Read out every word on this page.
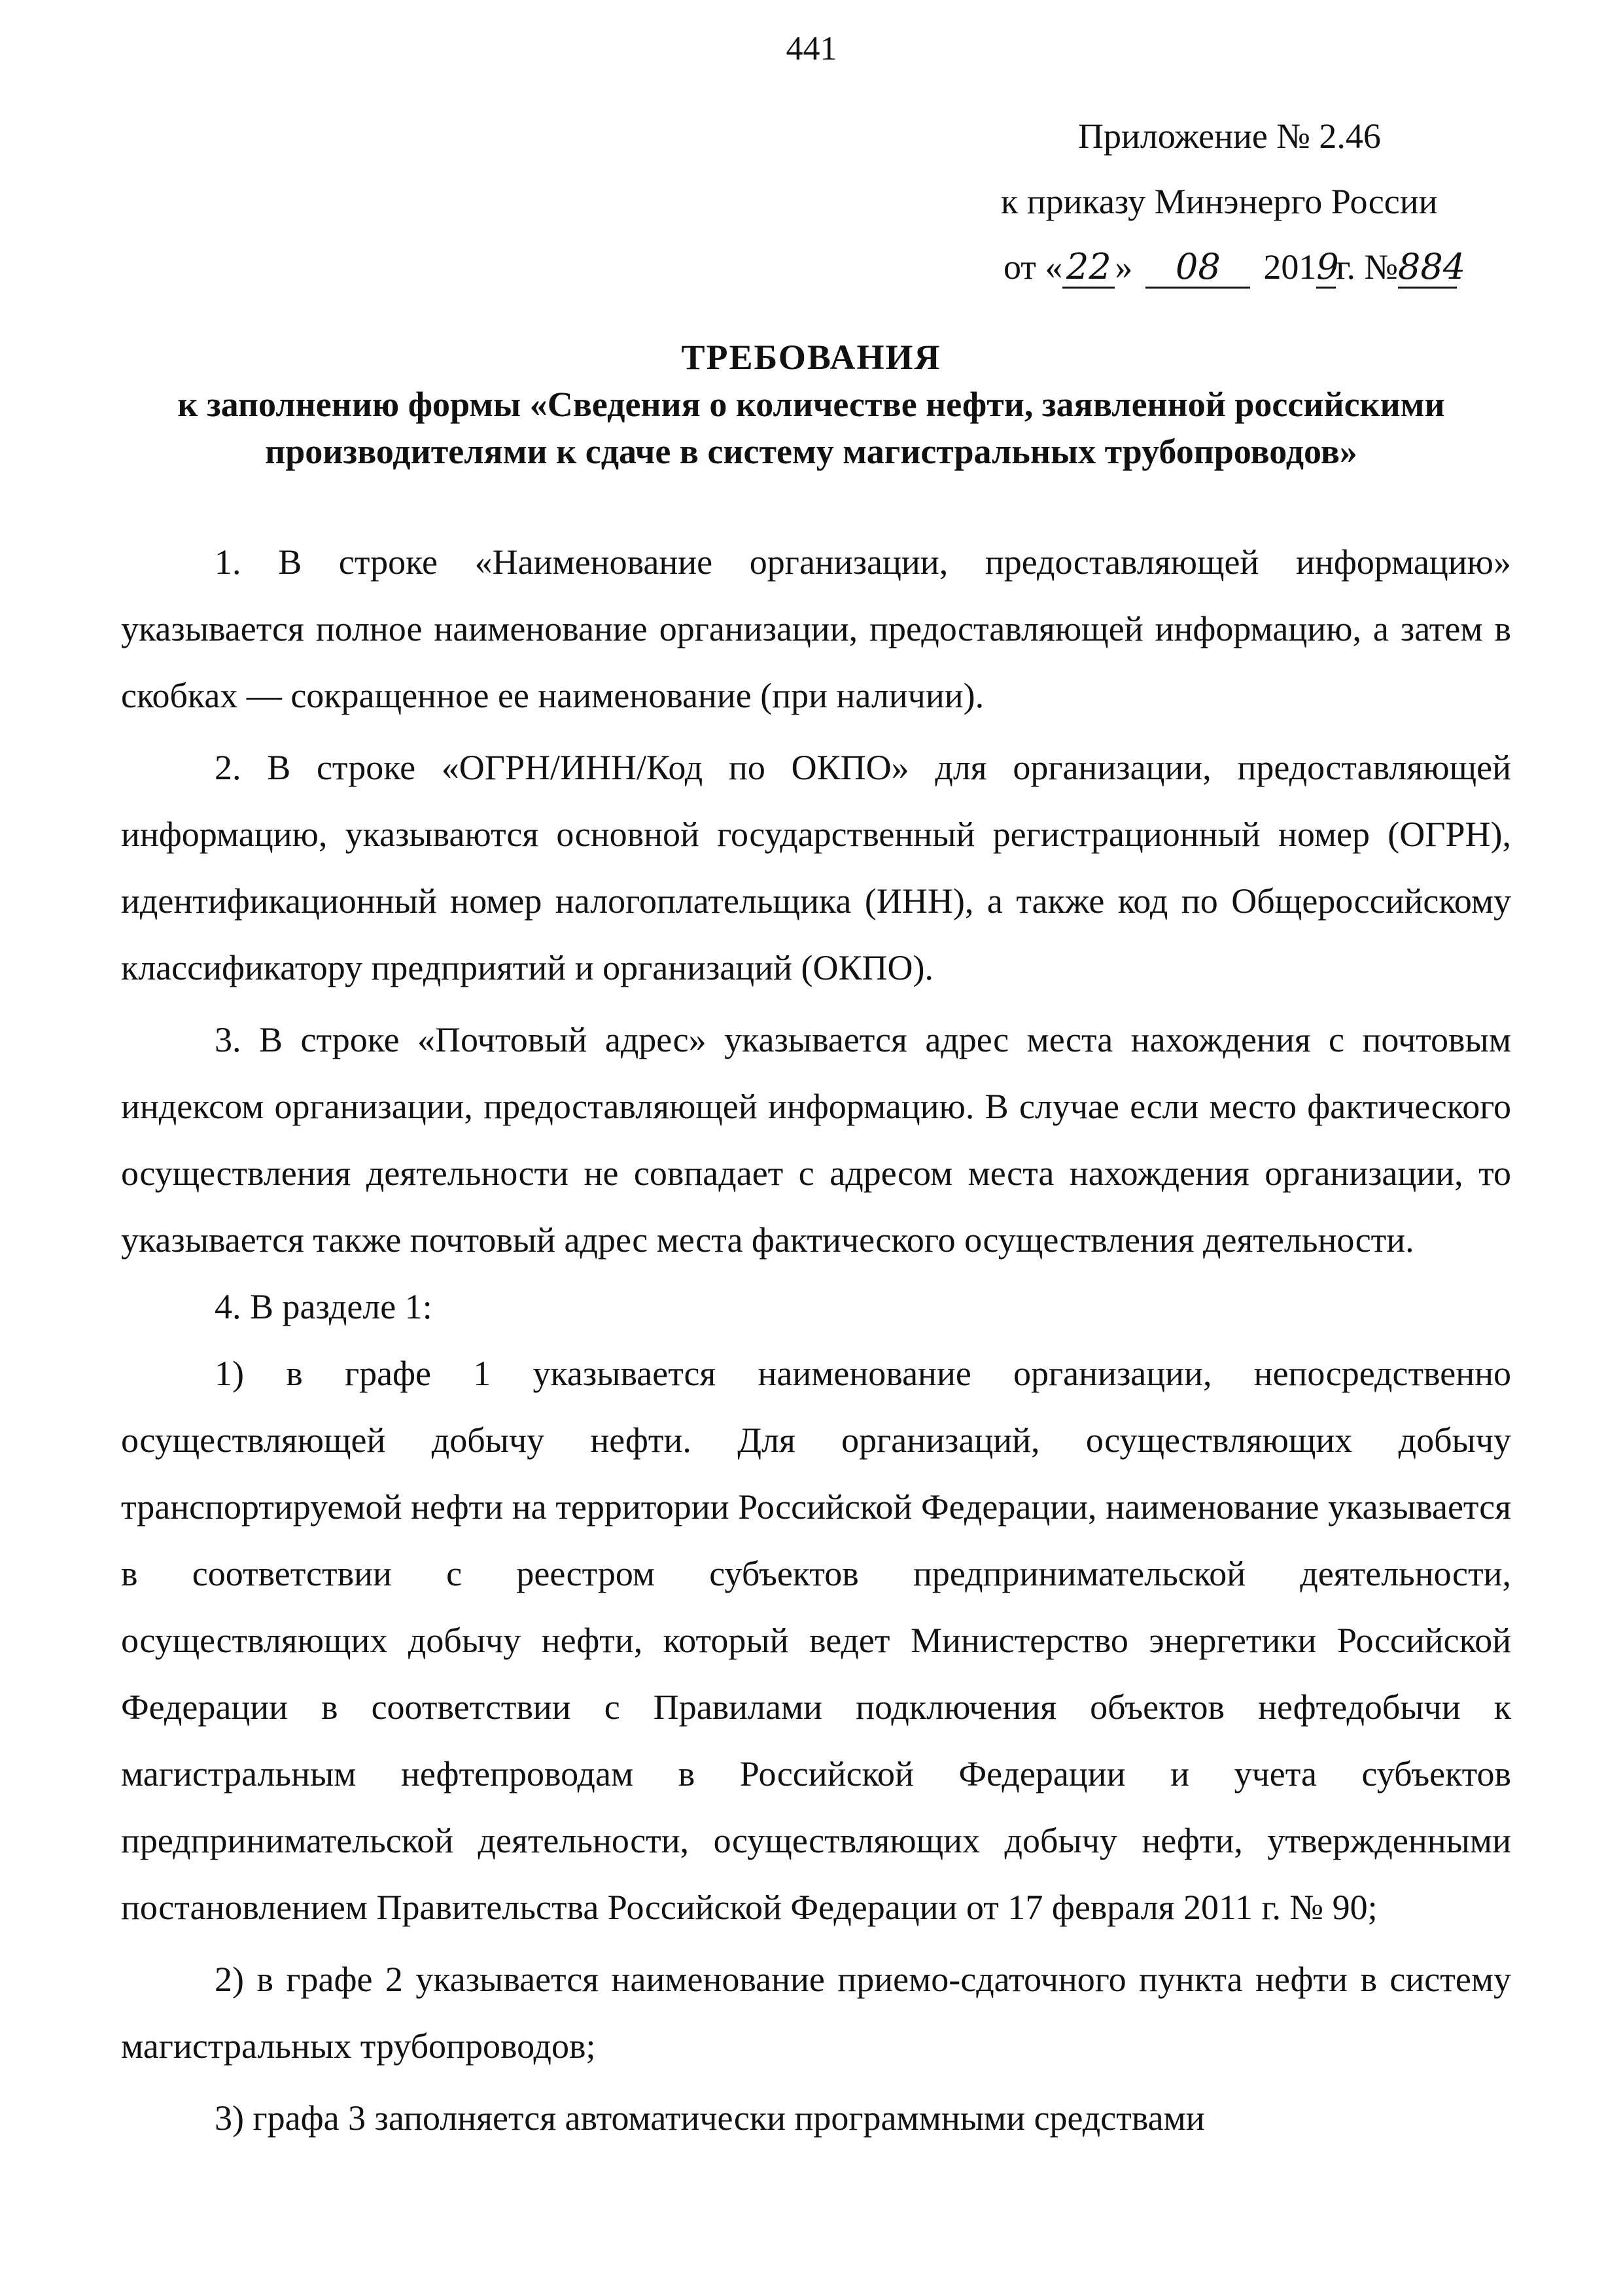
441
Приложение № 2.46
к приказу Минэнерго России
от « 22 » 08 2019г. №884
ТРЕБОВАНИЯ
к заполнению формы «Сведения о количестве нефти, заявленной российскими
производителями к сдаче в систему магистральных трубопроводов»

1. В строке «Наименование организации, предоставляющей информацию» указывается полное наименование организации, предоставляющей информацию, а затем в скобках — сокращенное ее наименование (при наличии).

2. В строке «ОГРН/ИНН/Код по ОКПО» для организации, предоставляющей информацию, указываются основной государственный регистрационный номер (ОГРН), идентификационный номер налогоплательщика (ИНН), а также код по Общероссийскому классификатору предприятий и организаций (ОКПО).

3. В строке «Почтовый адрес» указывается адрес места нахождения с почтовым индексом организации, предоставляющей информацию. В случае если место фактического осуществления деятельности не совпадает с адресом места нахождения организации, то указывается также почтовый адрес места фактического осуществления деятельности.

4. В разделе 1:

1) в графе 1 указывается наименование организации, непосредственно осуществляющей добычу нефти. Для организаций, осуществляющих добычу транспортируемой нефти на территории Российской Федерации, наименование указывается в соответствии с реестром субъектов предпринимательской деятельности, осуществляющих добычу нефти, который ведет Министерство энергетики Российской Федерации в соответствии с Правилами подключения объектов нефтедобычи к магистральным нефтепроводам в Российской Федерации и учета субъектов предпринимательской деятельности, осуществляющих добычу нефти, утвержденными постановлением Правительства Российской Федерации от 17 февраля 2011 г. № 90;

2) в графе 2 указывается наименование приемо-сдаточного пункта нефти в систему магистральных трубопроводов;

3) графа 3 заполняется автоматически программными средствами
